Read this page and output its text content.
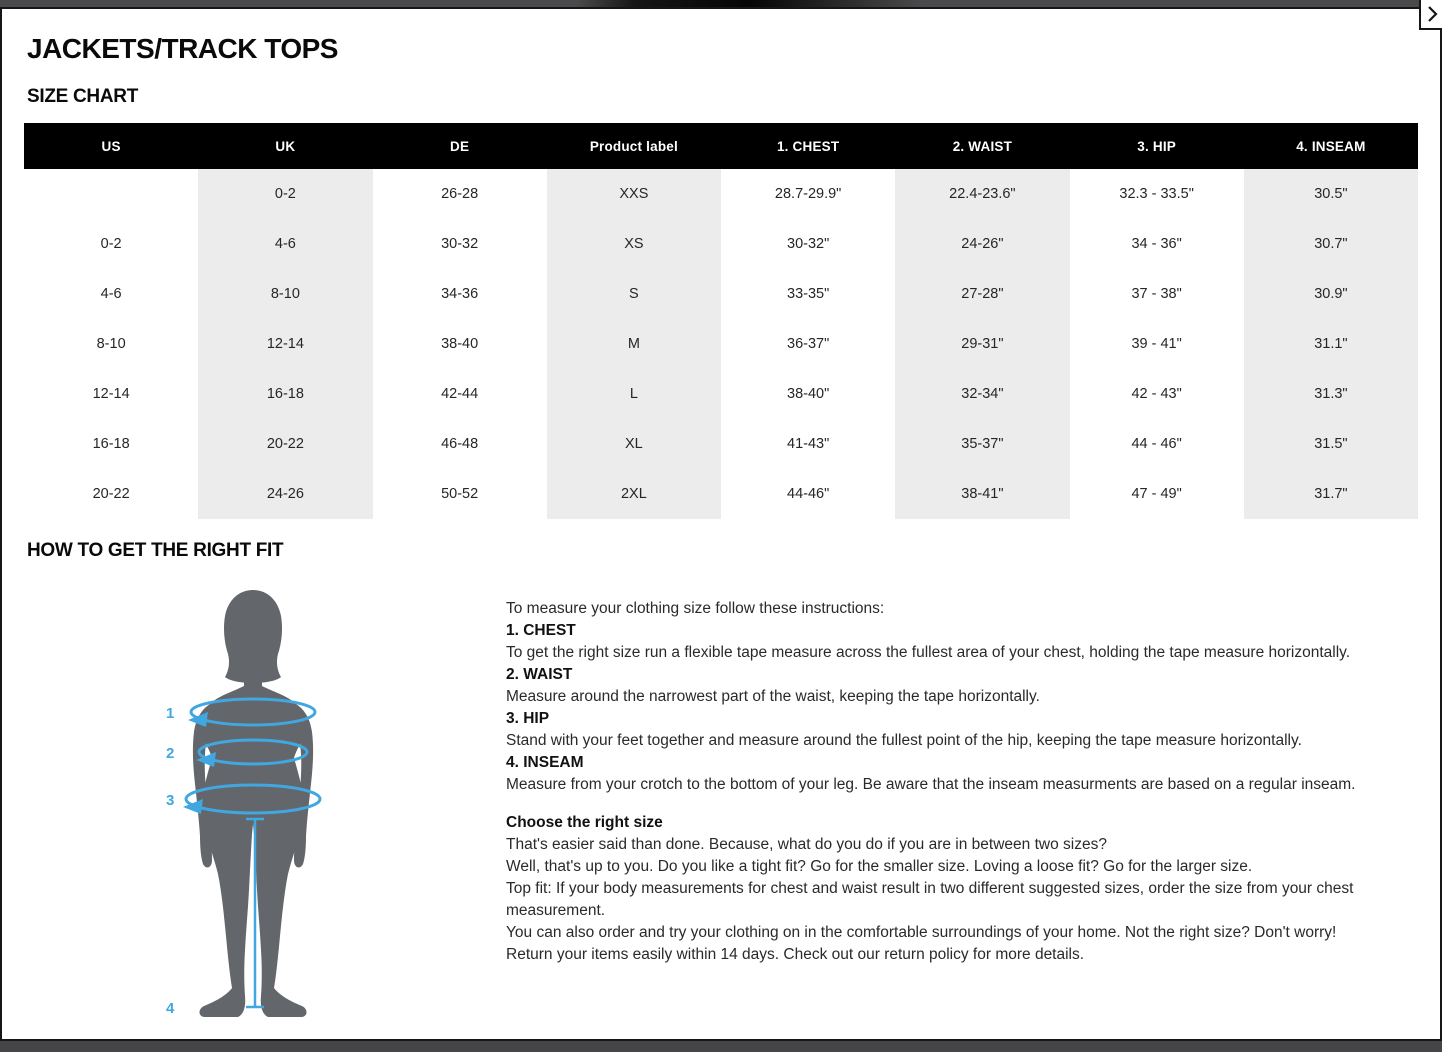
JACKETS/TRACK TOPS
SIZE CHART
US	UK	DE	Product label	1. CHEST	2. WAIST	3. HIP	4. INSEAM
	0-2	26-28	XXS	28.7-29.9"	22.4-23.6"	32.3 - 33.5"	30.5"
0-2	4-6	30-32	XS	30-32"	24-26"	34 - 36"	30.7"
4-6	8-10	34-36	S	33-35"	27-28"	37 - 38"	30.9"
8-10	12-14	38-40	M	36-37"	29-31"	39 - 41"	31.1"
12-14	16-18	42-44	L	38-40"	32-34"	42 - 43"	31.3"
16-18	20-22	46-48	XL	41-43"	35-37"	44 - 46"	31.5"
20-22	24-26	50-52	2XL	44-46"	38-41"	47 - 49"	31.7"
HOW TO GET THE RIGHT FIT
1
2
3
4
To measure your clothing size follow these instructions:
1. CHEST
To get the right size run a flexible tape measure across the fullest area of your chest, holding the tape measure horizontally.
2. WAIST
Measure around the narrowest part of the waist, keeping the tape horizontally.
3. HIP
Stand with your feet together and measure around the fullest point of the hip, keeping the tape measure horizontally.
4. INSEAM
Measure from your crotch to the bottom of your leg. Be aware that the inseam measurments are based on a regular inseam.
Choose the right size
That's easier said than done. Because, what do you do if you are in between two sizes?
Well, that's up to you. Do you like a tight fit? Go for the smaller size. Loving a loose fit? Go for the larger size.
Top fit: If your body measurements for chest and waist result in two different suggested sizes, order the size from your chest measurement.
You can also order and try your clothing on in the comfortable surroundings of your home. Not the right size? Don't worry!
Return your items easily within 14 days. Check out our return policy for more details.
